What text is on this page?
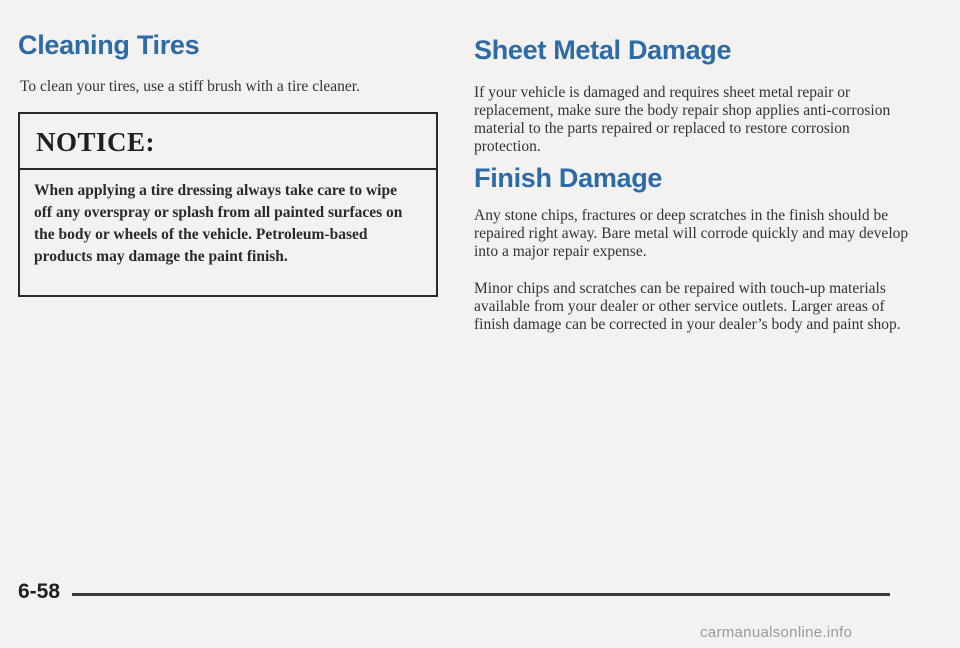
Cleaning Tires

To clean your tires, use a stiff brush with a tire cleaner.

NOTICE:
When applying a tire dressing always take care to wipe off any overspray or splash from all painted surfaces on the body or wheels of the vehicle. Petroleum-based products may damage the paint finish.
Sheet Metal Damage

If your vehicle is damaged and requires sheet metal repair or replacement, make sure the body repair shop applies anti-corrosion material to the parts repaired or replaced to restore corrosion protection.

Finish Damage

Any stone chips, fractures or deep scratches in the finish should be repaired right away. Bare metal will corrode quickly and may develop into a major repair expense.

Minor chips and scratches can be repaired with touch-up materials available from your dealer or other service outlets. Larger areas of finish damage can be corrected in your dealer’s body and paint shop.

6-58
carmanualsonline.info
